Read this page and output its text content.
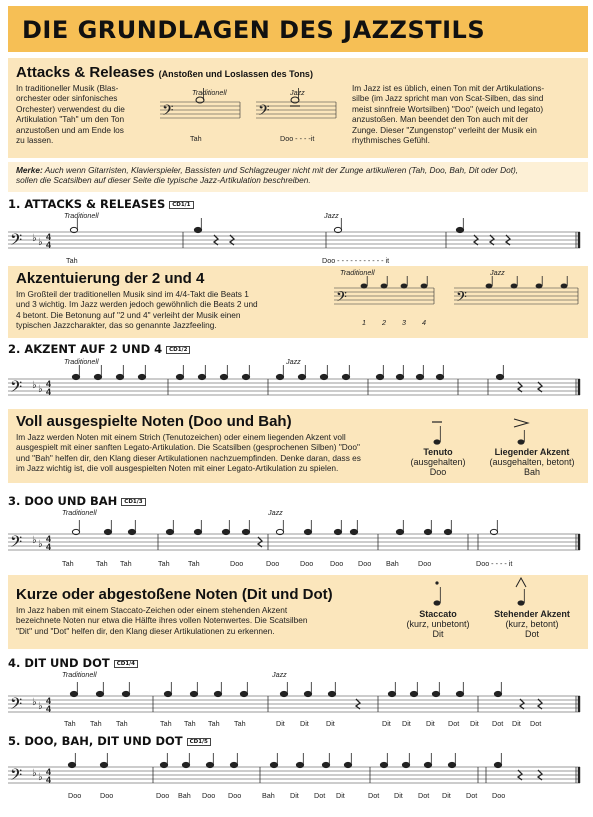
DIE GRUNDLAGEN DES JAZZSTILS
Attacks & Releases (Anstoßen und Loslassen des Tons)
In traditioneller Musik (Blas-
orchester oder sinfonisches
Orchester) verwendest du die
Artikulation "Tah" um den Ton
anzustoßen und am Ende los
zu lassen.
𝄢	𝄢
Traditionell	Jazz
Tah	Doo - - - -it
Im Jazz ist es üblich, einen Ton mit der Artikulations-
silbe (im Jazz spricht man von Scat-Silben, das sind
meist sinnfreie Wortsilben) "Doo" (weich und legato)
anzustoßen. Man beendet den Ton auch mit der
Zunge. Dieser "Zungenstop" verleiht der Musik ein
rhythmisches Gefühl.
Merke: Auch wenn Gitarristen, Klavierspieler, Bassisten und Schlagzeuger nicht mit der Zunge artikulieren (Tah, Doo, Bah, Dit oder Dot),
sollen die Scatsilben auf dieser Seite die typische Jazz-Artikulation beschreiben.
1. ATTACKS & RELEASES CD1/1
Traditionell	Jazz
𝄢 ♭ ♭ 4
4
Tah	Doo - - - - - - - - - - - it
Akzentuierung der 2 und 4
Im Großteil der traditionellen Musik sind im 4/4-Takt die Beats 1
und 3 wichtig. Im Jazz werden jedoch gewöhnlich die Beats 2 und
4 betont. Die Betonung auf "2 und 4" verleiht der Musik einen
typischen Jazzcharakter, das so genannte Jazzfeeling.
Traditionell	Jazz
𝄢	𝄢
1 2 3 4
2. AKZENT AUF 2 UND 4 CD1/2
Traditionell	Jazz
𝄢 ♭ ♭ 4
4
Voll ausgespielte Noten (Doo und Bah)
Im Jazz werden Noten mit einem Strich (Tenutozeichen) oder einem liegenden Akzent voll
ausgespielt mit einer sanften Legato-Artikulation. Die Scatsilben (gesprochenen Silben) "Doo"
und "Bah" helfen dir, den Klang dieser Artikulationen nachzuempfinden. Denke daran, dass es
im Jazz wichtig ist, die voll ausgespielten Noten mit einer Legato-Artikulation zu spielen.
Tenuto
(ausgehalten)
Doo
Liegender Akzent
(ausgehalten, betont)
Bah
3. DOO UND BAH CD1/3
Traditionell	Jazz
𝄢 ♭ ♭ 4
4
Tah	Tah Tah	Tah	Tah	Doo	Doo	Doo Doo Doo Bah	Doo	Doo - - - - it
Kurze oder abgestoßene Noten (Dit und Dot)
Im Jazz haben mit einem Staccato-Zeichen oder einem stehenden Akzent
bezeichnete Noten nur etwa die Hälfte ihres vollen Notenwertes. Die Scatsilben
"Dit" und "Dot" helfen dir, den Klang dieser Artikulationen zu erkennen.
Staccato
(kurz, unbetont)
Dit
Stehender Akzent
(kurz, betont)
Dot
4. DIT UND DOT CD1/4
Traditionell	Jazz
𝄢 ♭ ♭ 4
4
Tah Tah Tah	Tah Tah Tah Tah	Dit Dit Dit	Dit Dit Dit Dot Dit Dot Dit Dot
5. DOO, BAH, DIT UND DOT CD1/5
𝄢 ♭ ♭ 4
4
Doo	Doo	Doo Bah Doo Doo	Bah Dit Dot Dit	Dot Dit Dot Dit Dot Doo
